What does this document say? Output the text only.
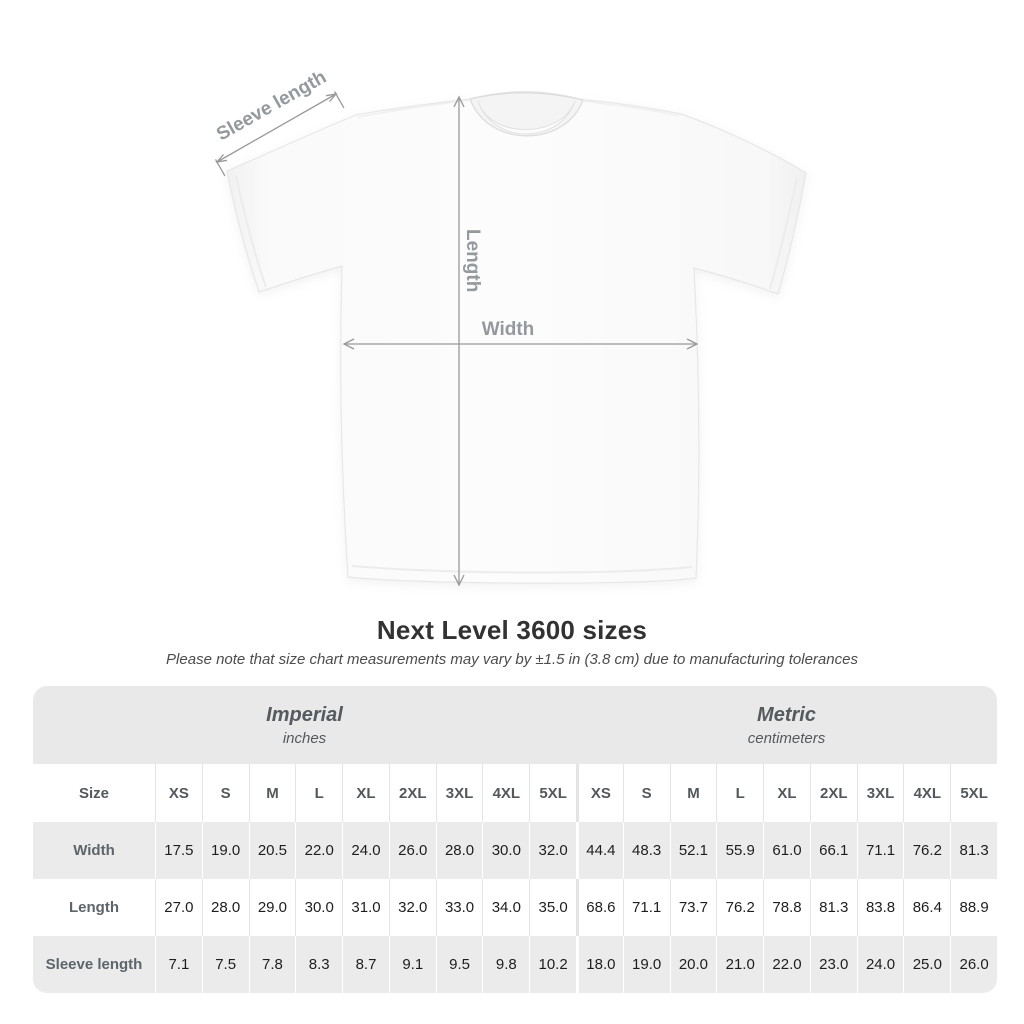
Width
Length
Sleeve length
Next Level 3600 sizes

Please note that size chart measurements may vary by ±1.5 in (3.8 cm) due to manufacturing tolerances

Imperial
inches
Metric
centimeters
Size	XS	S	M	L	XL	2XL	3XL	4XL	5XL	XS	S	M	L	XL	2XL	3XL	4XL	5XL
Width	17.5	19.0	20.5	22.0	24.0	26.0	28.0	30.0	32.0	44.4	48.3	52.1	55.9	61.0	66.1	71.1	76.2	81.3
Length	27.0	28.0	29.0	30.0	31.0	32.0	33.0	34.0	35.0	68.6	71.1	73.7	76.2	78.8	81.3	83.8	86.4	88.9
Sleeve length	7.1	7.5	7.8	8.3	8.7	9.1	9.5	9.8	10.2	18.0	19.0	20.0	21.0	22.0	23.0	24.0	25.0	26.0
